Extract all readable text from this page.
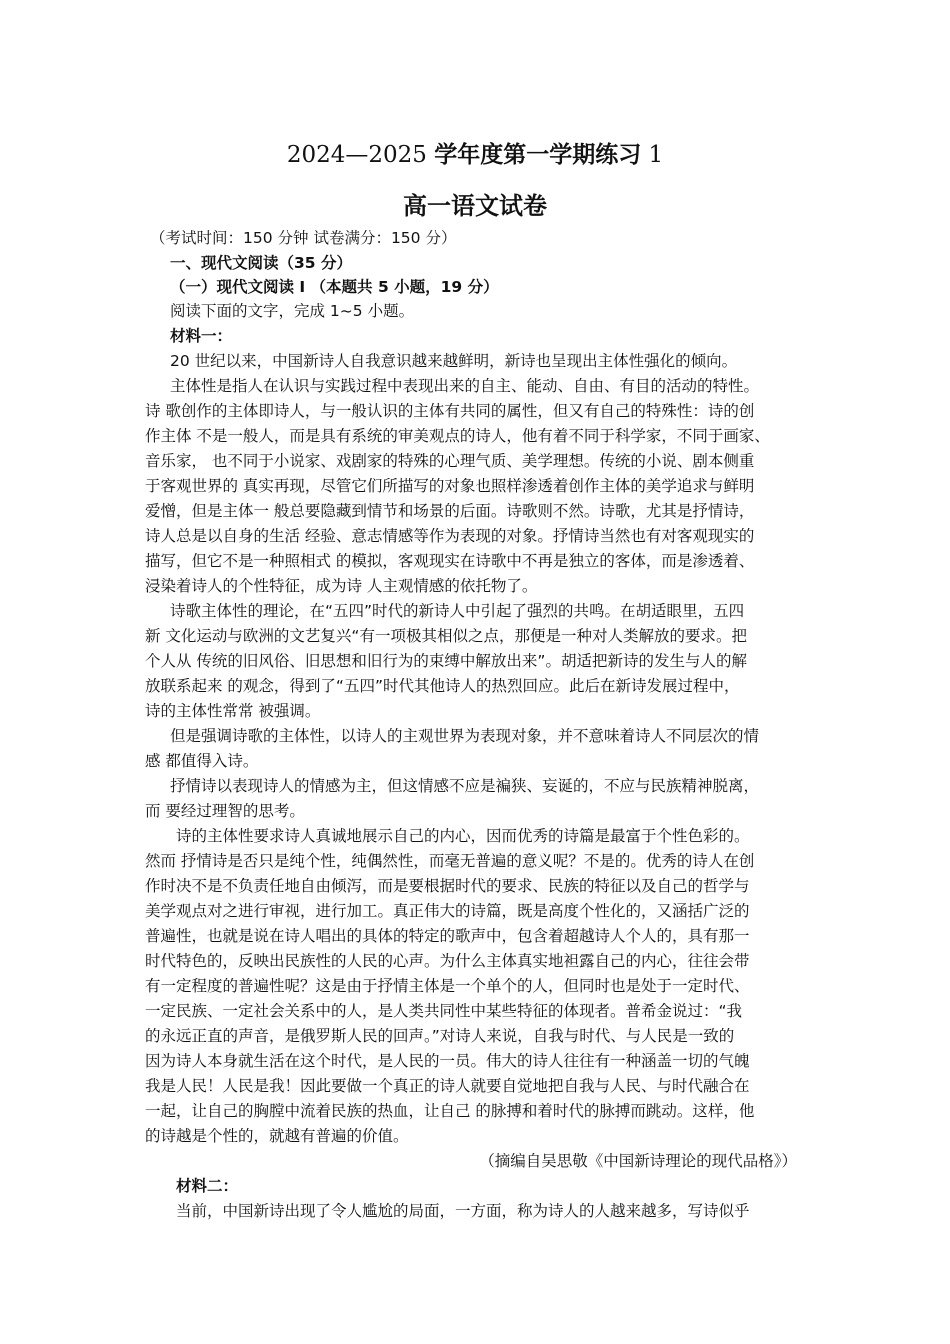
2024—2025 学年度第一学期练习 1
高一语文试卷
（考试时间：150 分钟 试卷满分：150 分）
一、现代文阅读（35 分）
（一）现代文阅读 I （本题共 5 小题，19 分）
阅读下面的文字，完成 1~5 小题。
材料一：
20 世纪以来，中国新诗人自我意识越来越鲜明，新诗也呈现出主体性强化的倾向。
主体性是指人在认识与实践过程中表现出来的自主、能动、自由、有目的活动的特性。
诗 歌创作的主体即诗人，与一般认识的主体有共同的属性，但又有自己的特殊性：诗的创
作主体 不是一般人，而是具有系统的审美观点的诗人，他有着不同于科学家，不同于画家、
音乐家， 也不同于小说家、戏剧家的特殊的心理气质、美学理想。传统的小说、剧本侧重
于客观世界的 真实再现，尽管它们所描写的对象也照样渗透着创作主体的美学追求与鲜明
爱憎，但是主体一 般总要隐藏到情节和场景的后面。诗歌则不然。诗歌，尤其是抒情诗，
诗人总是以自身的生活 经验、意志情感等作为表现的对象。抒情诗当然也有对客观现实的
描写，但它不是一种照相式 的模拟，客观现实在诗歌中不再是独立的客体，而是渗透着、
浸染着诗人的个性特征，成为诗 人主观情感的依托物了。
诗歌主体性的理论，在“五四”时代的新诗人中引起了强烈的共鸣。在胡适眼里，五四
新 文化运动与欧洲的文艺复兴“有一项极其相似之点，那便是一种对人类解放的要求。把
个人从 传统的旧风俗、旧思想和旧行为的束缚中解放出来”。胡适把新诗的发生与人的解
放联系起来 的观念，得到了“五四”时代其他诗人的热烈回应。此后在新诗发展过程中，
诗的主体性常常 被强调。
但是强调诗歌的主体性，以诗人的主观世界为表现对象，并不意味着诗人不同层次的情
感 都值得入诗。
抒情诗以表现诗人的情感为主，但这情感不应是褊狭、妄诞的，不应与民族精神脱离，
而 要经过理智的思考。
诗的主体性要求诗人真诚地展示自己的内心，因而优秀的诗篇是最富于个性色彩的。
然而 抒情诗是否只是纯个性，纯偶然性，而毫无普遍的意义呢？不是的。优秀的诗人在创
作时决不是不负责任地自由倾泻，而是要根据时代的要求、民族的特征以及自己的哲学与
美学观点对之进行审视，进行加工。真正伟大的诗篇，既是高度个性化的，又涵括广泛的
普遍性，也就是说在诗人唱出的具体的特定的歌声中，包含着超越诗人个人的，具有那一
时代特色的，反映出民族性的人民的心声。为什么主体真实地袒露自己的内心，往往会带
有一定程度的普遍性呢？这是由于抒情主体是一个单个的人，但同时也是处于一定时代、
一定民族、一定社会关系中的人，是人类共同性中某些特征的体现者。普希金说过：“我
的永远正直的声音，是俄罗斯人民的回声。”对诗人来说，自我与时代、与人民是一致的
因为诗人本身就生活在这个时代，是人民的一员。伟大的诗人往往有一种涵盖一切的气魄
我是人民！人民是我！因此要做一个真正的诗人就要自觉地把自我与人民、与时代融合在
一起，让自己的胸膛中流着民族的热血，让自己 的脉搏和着时代的脉搏而跳动。这样，他
的诗越是个性的，就越有普遍的价值。
（摘编自吴思敬《中国新诗理论的现代品格》）
材料二：
当前，中国新诗出现了令人尴尬的局面，一方面，称为诗人的人越来越多，写诗似乎
